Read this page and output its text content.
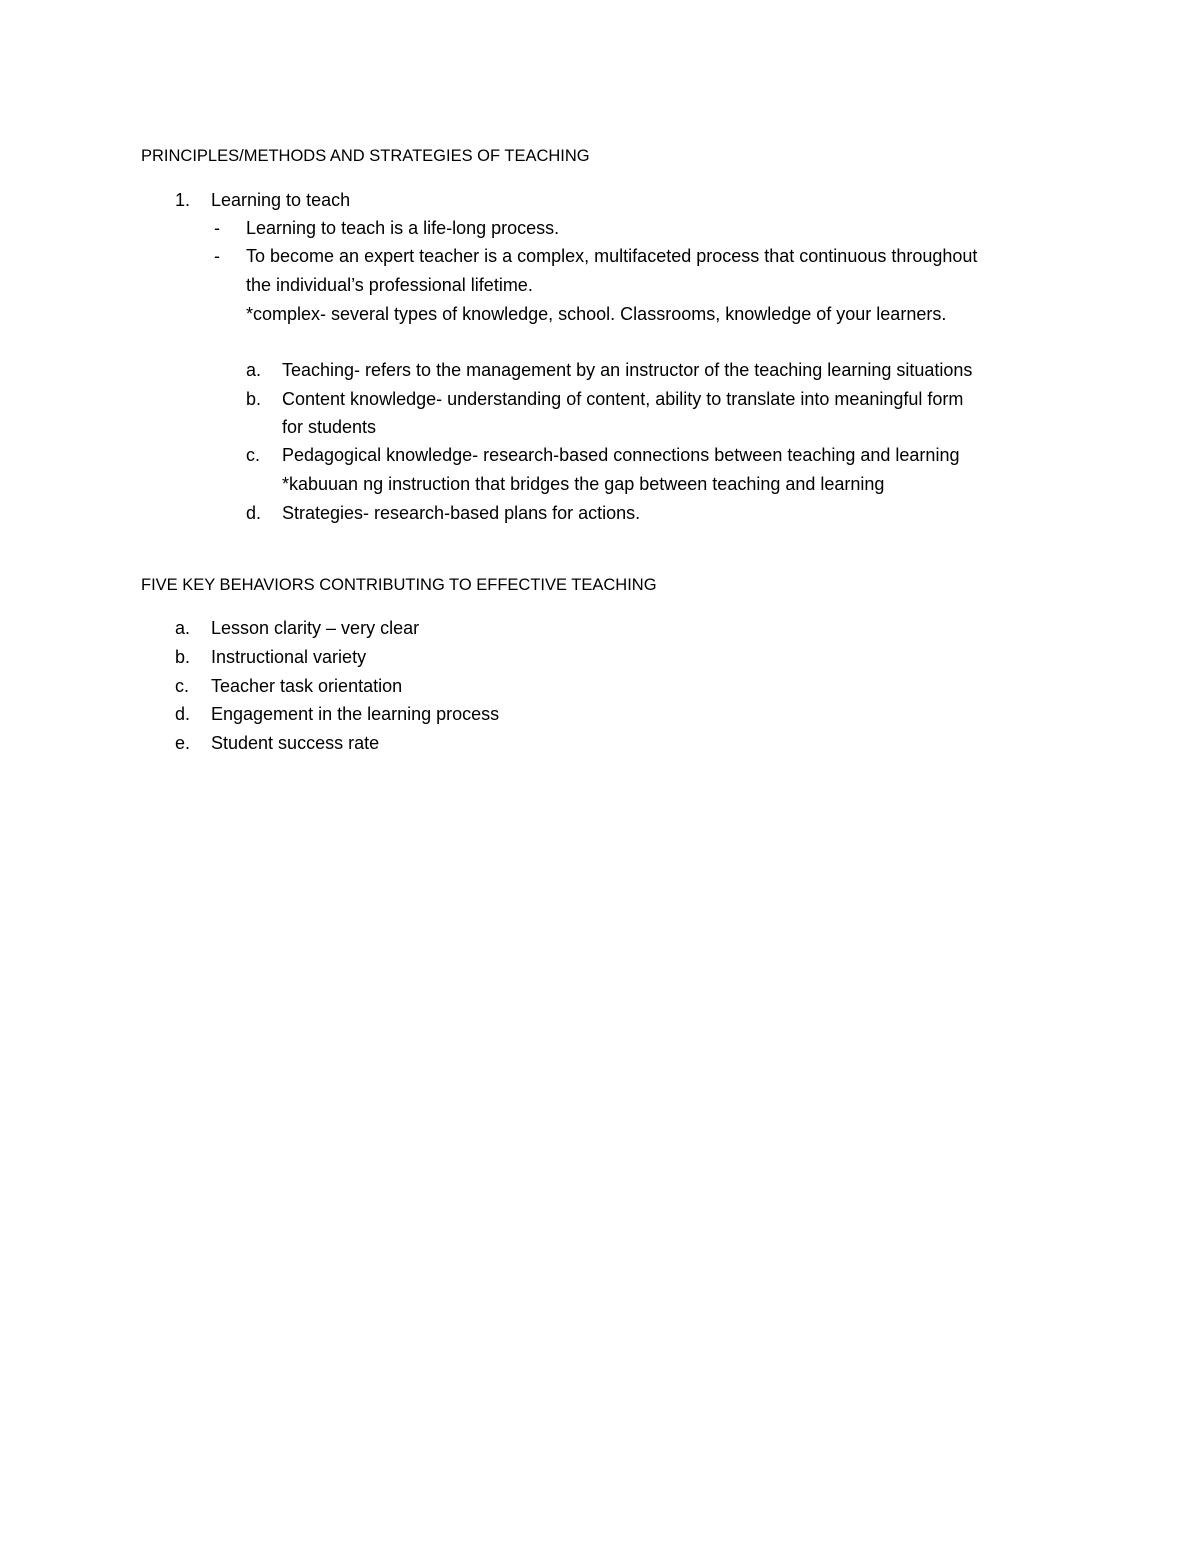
PRINCIPLES/METHODS AND STRATEGIES OF TEACHING
1. Learning to teach
- Learning to teach is a life-long process.
- To become an expert teacher is a complex, multifaceted process that continuous throughout
the individual’s professional lifetime.
*complex- several types of knowledge, school. Classrooms, knowledge of your learners.
a. Teaching- refers to the management by an instructor of the teaching learning situations
b. Content knowledge- understanding of content, ability to translate into meaningful form
for students
c. Pedagogical knowledge- research-based connections between teaching and learning
*kabuuan ng instruction that bridges the gap between teaching and learning
d. Strategies- research-based plans for actions.
FIVE KEY BEHAVIORS CONTRIBUTING TO EFFECTIVE TEACHING
a. Lesson clarity – very clear
b. Instructional variety
c. Teacher task orientation
d. Engagement in the learning process
e. Student success rate
